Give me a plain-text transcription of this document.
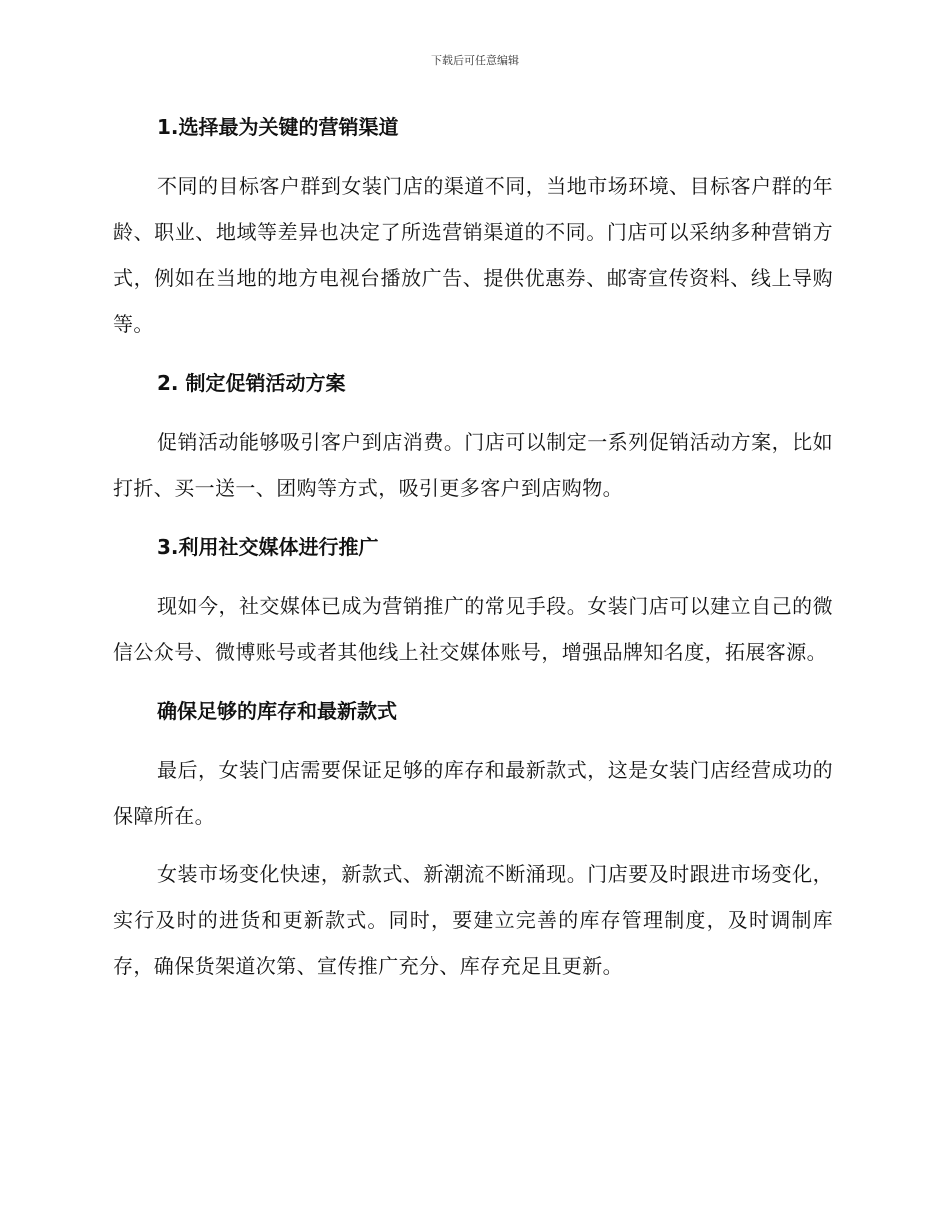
下载后可任意编辑
1.选择最为关键的营销渠道

不同的目标客户群到女装门店的渠道不同，当地市场环境、目标客户群的年龄、职业、地域等差异也决定了所选营销渠道的不同。门店可以采纳多种营销方式，例如在当地的地方电视台播放广告、提供优惠券、邮寄宣传资料、线上导购等。

2. 制定促销活动方案

促销活动能够吸引客户到店消费。门店可以制定一系列促销活动方案，比如打折、买一送一、团购等方式，吸引更多客户到店购物。

3.利用社交媒体进行推广

现如今，社交媒体已成为营销推广的常见手段。女装门店可以建立自己的微信公众号、微博账号或者其他线上社交媒体账号，增强品牌知名度，拓展客源。

确保足够的库存和最新款式

最后，女装门店需要保证足够的库存和最新款式，这是女装门店经营成功的保障所在。

女装市场变化快速，新款式、新潮流不断涌现。门店要及时跟进市场变化，实行及时的进货和更新款式。同时，要建立完善的库存管理制度，及时调制库存，确保货架道次第、宣传推广充分、库存充足且更新。
